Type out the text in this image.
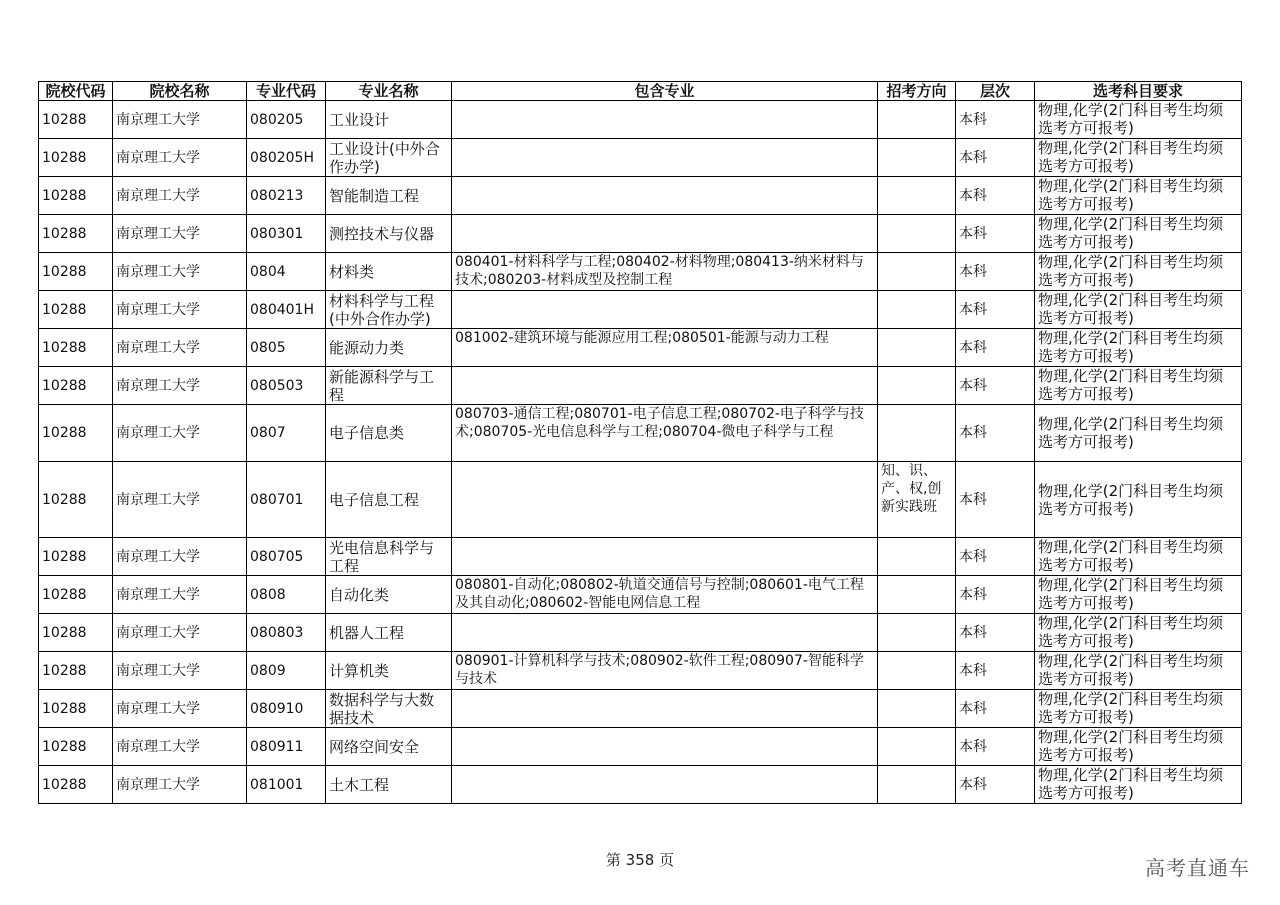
院校代码	院校名称	专业代码	专业名称	包含专业	招考方向	层次	选考科目要求
10288	南京理工大学	080205	工业设计			本科	物理,化学(2门科目考生均须选考方可报考)
10288	南京理工大学	080205H	工业设计(中外合作办学)			本科	物理,化学(2门科目考生均须选考方可报考)
10288	南京理工大学	080213	智能制造工程			本科	物理,化学(2门科目考生均须选考方可报考)
10288	南京理工大学	080301	测控技术与仪器			本科	物理,化学(2门科目考生均须选考方可报考)
10288	南京理工大学	0804	材料类	080401-材料科学与工程;080402-材料物理;080413-纳米材料与技术;080203-材料成型及控制工程		本科	物理,化学(2门科目考生均须选考方可报考)
10288	南京理工大学	080401H	材料科学与工程(中外合作办学)			本科	物理,化学(2门科目考生均须选考方可报考)
10288	南京理工大学	0805	能源动力类	081002-建筑环境与能源应用工程;080501-能源与动力工程		本科	物理,化学(2门科目考生均须选考方可报考)
10288	南京理工大学	080503	新能源科学与工程			本科	物理,化学(2门科目考生均须选考方可报考)
10288	南京理工大学	0807	电子信息类	080703-通信工程;080701-电子信息工程;080702-电子科学与技术;080705-光电信息科学与工程;080704-微电子科学与工程		本科	物理,化学(2门科目考生均须选考方可报考)
10288	南京理工大学	080701	电子信息工程		知、识、产、权,创新实践班	本科	物理,化学(2门科目考生均须选考方可报考)
10288	南京理工大学	080705	光电信息科学与工程			本科	物理,化学(2门科目考生均须选考方可报考)
10288	南京理工大学	0808	自动化类	080801-自动化;080802-轨道交通信号与控制;080601-电气工程及其自动化;080602-智能电网信息工程		本科	物理,化学(2门科目考生均须选考方可报考)
10288	南京理工大学	080803	机器人工程			本科	物理,化学(2门科目考生均须选考方可报考)
10288	南京理工大学	0809	计算机类	080901-计算机科学与技术;080902-软件工程;080907-智能科学与技术		本科	物理,化学(2门科目考生均须选考方可报考)
10288	南京理工大学	080910	数据科学与大数据技术			本科	物理,化学(2门科目考生均须选考方可报考)
10288	南京理工大学	080911	网络空间安全			本科	物理,化学(2门科目考生均须选考方可报考)
10288	南京理工大学	081001	土木工程			本科	物理,化学(2门科目考生均须选考方可报考)
第 358 页	高考直通车
